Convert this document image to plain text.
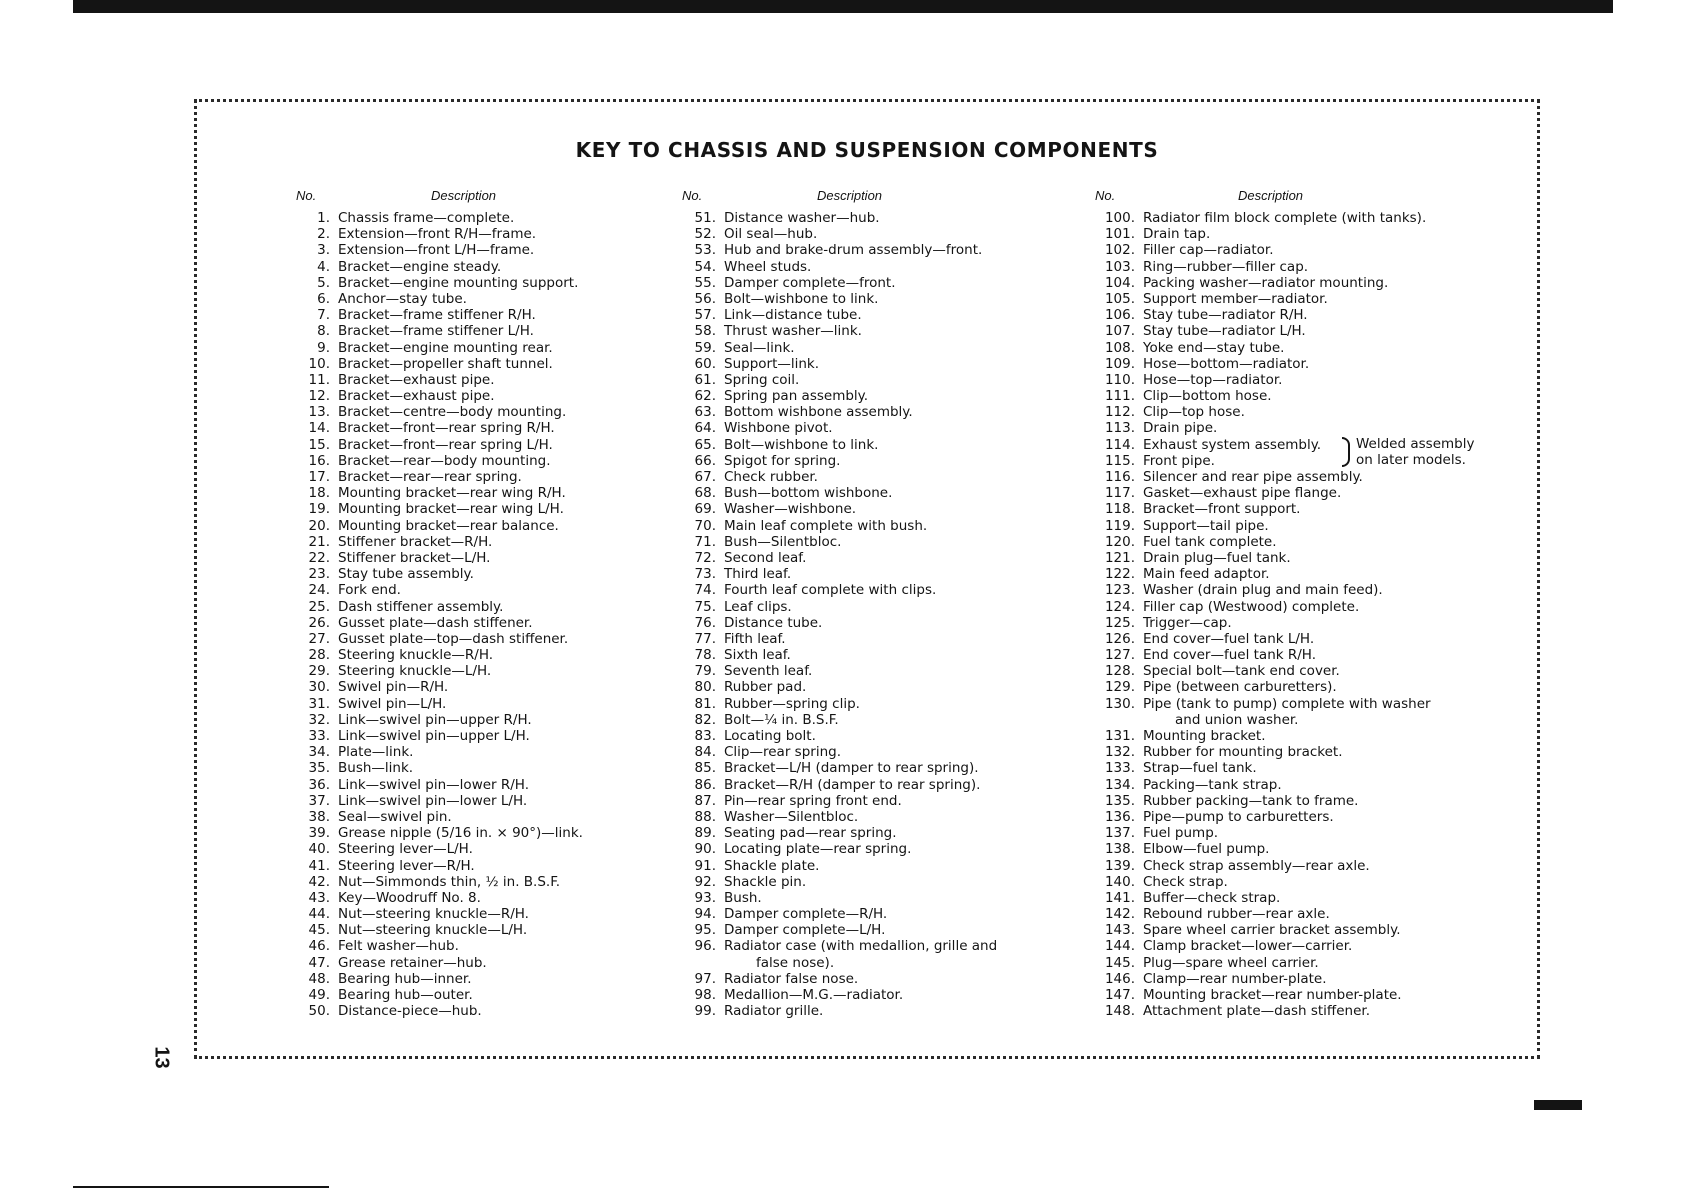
KEY TO CHASSIS AND SUSPENSION COMPONENTS
No.	Description
1. Chassis frame—complete.
2. Extension—front R/H—frame.
3. Extension—front L/H—frame.
4. Bracket—engine steady.
5. Bracket—engine mounting support.
6. Anchor—stay tube.
7. Bracket—frame stiffener R/H.
8. Bracket—frame stiffener L/H.
9. Bracket—engine mounting rear.
10. Bracket—propeller shaft tunnel.
11. Bracket—exhaust pipe.
12. Bracket—exhaust pipe.
13. Bracket—centre—body mounting.
14. Bracket—front—rear spring R/H.
15. Bracket—front—rear spring L/H.
16. Bracket—rear—body mounting.
17. Bracket—rear—rear spring.
18. Mounting bracket—rear wing R/H.
19. Mounting bracket—rear wing L/H.
20. Mounting bracket—rear balance.
21. Stiffener bracket—R/H.
22. Stiffener bracket—L/H.
23. Stay tube assembly.
24. Fork end.
25. Dash stiffener assembly.
26. Gusset plate—dash stiffener.
27. Gusset plate—top—dash stiffener.
28. Steering knuckle—R/H.
29. Steering knuckle—L/H.
30. Swivel pin—R/H.
31. Swivel pin—L/H.
32. Link—swivel pin—upper R/H.
33. Link—swivel pin—upper L/H.
34. Plate—link.
35. Bush—link.
36. Link—swivel pin—lower R/H.
37. Link—swivel pin—lower L/H.
38. Seal—swivel pin.
39. Grease nipple (5/16 in. × 90°)—link.
40. Steering lever—L/H.
41. Steering lever—R/H.
42. Nut—Simmonds thin, ½ in. B.S.F.
43. Key—Woodruff No. 8.
44. Nut—steering knuckle—R/H.
45. Nut—steering knuckle—L/H.
46. Felt washer—hub.
47. Grease retainer—hub.
48. Bearing hub—inner.
49. Bearing hub—outer.
50. Distance-piece—hub.
No.	Description
51. Distance washer—hub.
52. Oil seal—hub.
53. Hub and brake-drum assembly—front.
54. Wheel studs.
55. Damper complete—front.
56. Bolt—wishbone to link.
57. Link—distance tube.
58. Thrust washer—link.
59. Seal—link.
60. Support—link.
61. Spring coil.
62. Spring pan assembly.
63. Bottom wishbone assembly.
64. Wishbone pivot.
65. Bolt—wishbone to link.
66. Spigot for spring.
67. Check rubber.
68. Bush—bottom wishbone.
69. Washer—wishbone.
70. Main leaf complete with bush.
71. Bush—Silentbloc.
72. Second leaf.
73. Third leaf.
74. Fourth leaf complete with clips.
75. Leaf clips.
76. Distance tube.
77. Fifth leaf.
78. Sixth leaf.
79. Seventh leaf.
80. Rubber pad.
81. Rubber—spring clip.
82. Bolt—¼ in. B.S.F.
83. Locating bolt.
84. Clip—rear spring.
85. Bracket—L/H (damper to rear spring).
86. Bracket—R/H (damper to rear spring).
87. Pin—rear spring front end.
88. Washer—Silentbloc.
89. Seating pad—rear spring.
90. Locating plate—rear spring.
91. Shackle plate.
92. Shackle pin.
93. Bush.
94. Damper complete—R/H.
95. Damper complete—L/H.
96. Radiator case (with medallion, grille and
false nose).
97. Radiator false nose.
98. Medallion—M.G.—radiator.
99. Radiator grille.
No.	Description
100. Radiator film block complete (with tanks).
101. Drain tap.
102. Filler cap—radiator.
103. Ring—rubber—filler cap.
104. Packing washer—radiator mounting.
105. Support member—radiator.
106. Stay tube—radiator R/H.
107. Stay tube—radiator L/H.
108. Yoke end—stay tube.
109. Hose—bottom—radiator.
110. Hose—top—radiator.
111. Clip—bottom hose.
112. Clip—top hose.
113. Drain pipe.
114. Exhaust system assembly.
115. Front pipe.
116. Silencer and rear pipe assembly.
117. Gasket—exhaust pipe flange.
118. Bracket—front support.
119. Support—tail pipe.
120. Fuel tank complete.
121. Drain plug—fuel tank.
122. Main feed adaptor.
123. Washer (drain plug and main feed).
124. Filler cap (Westwood) complete.
125. Trigger—cap.
126. End cover—fuel tank L/H.
127. End cover—fuel tank R/H.
128. Special bolt—tank end cover.
129. Pipe (between carburetters).
130. Pipe (tank to pump) complete with washer
and union washer.
131. Mounting bracket.
132. Rubber for mounting bracket.
133. Strap—fuel tank.
134. Packing—tank strap.
135. Rubber packing—tank to frame.
136. Pipe—pump to carburetters.
137. Fuel pump.
138. Elbow—fuel pump.
139. Check strap assembly—rear axle.
140. Check strap.
141. Buffer—check strap.
142. Rebound rubber—rear axle.
143. Spare wheel carrier bracket assembly.
144. Clamp bracket—lower—carrier.
145. Plug—spare wheel carrier.
146. Clamp—rear number-plate.
147. Mounting bracket—rear number-plate.
148. Attachment plate—dash stiffener.
Welded assembly
on later models.
13
